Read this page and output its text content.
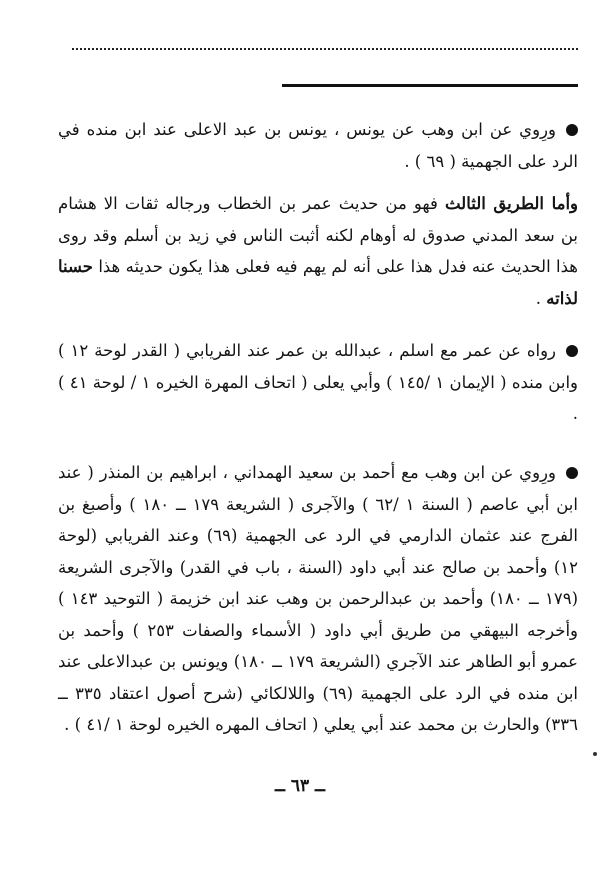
ورِوي عن ابن وهب عن يونس ، يونس بن عبد الاعلى عند ابن منده في الرد على الجهمية ( ٦٩ ) .

وأما الطريق الثالث فهو من حديث عمر بن الخطاب ورجاله ثقات الا هشام بن سعد المدني صدوق له أوهام لكنه أثبت الناس في زيد بن أسلم وقد روى هذا الحديث عنه فدل هذا على أنه لم يهم فيه فعلى هذا يكون حديثه هذا حسنا لذاته .

رواه عن عمر مع اسلم ، عبدالله بن عمر عند الفريابي ( القدر لوحة ١٢ ) وابن منده ( الإيمان ١ /١٤٥ ) وأبي يعلى ( اتحاف المهرة الخيره ١ / لوحة ٤١ ) .

ورِوي عن ابن وهب مع أحمد بن سعيد الهمداني ، ابراهيم بن المنذر ( عند ابن أبي عاصم ( السنة ١ /٦٢ ) والآجرى ( الشريعة ١٧٩ ــ ١٨٠ ) وأصبغ بن الفرج عند عثمان الدارمي في الرد عى الجهمية (٦٩) وعند الفريابي (لوحة ١٢) وأحمد بن صالح عند أبي داود (السنة ، باب في القدر) والآجرى الشريعة (١٧٩ ــ ١٨٠) وأحمد بن عبدالرحمن بن وهب عند ابن خزيمة ( التوحيد ١٤٣ ) وأخرجه البيهقي من طريق أبي داود ( الأسماء والصفات ٢٥٣ ) وأحمد بن عمرو أبو الطاهر عند الآجري (الشريعة ١٧٩ ــ ١٨٠) ويونس بن عبدالاعلى عند ابن منده في الرد على الجهمية (٦٩) واللالكائي (شرح أصول اعتقاد ٣٣٥ ــ ٣٣٦) والحارث بن محمد عند أبي يعلي ( اتحاف المهره الخيره لوحة ١ /٤١ ) .

ــ ٦٣ ــ
